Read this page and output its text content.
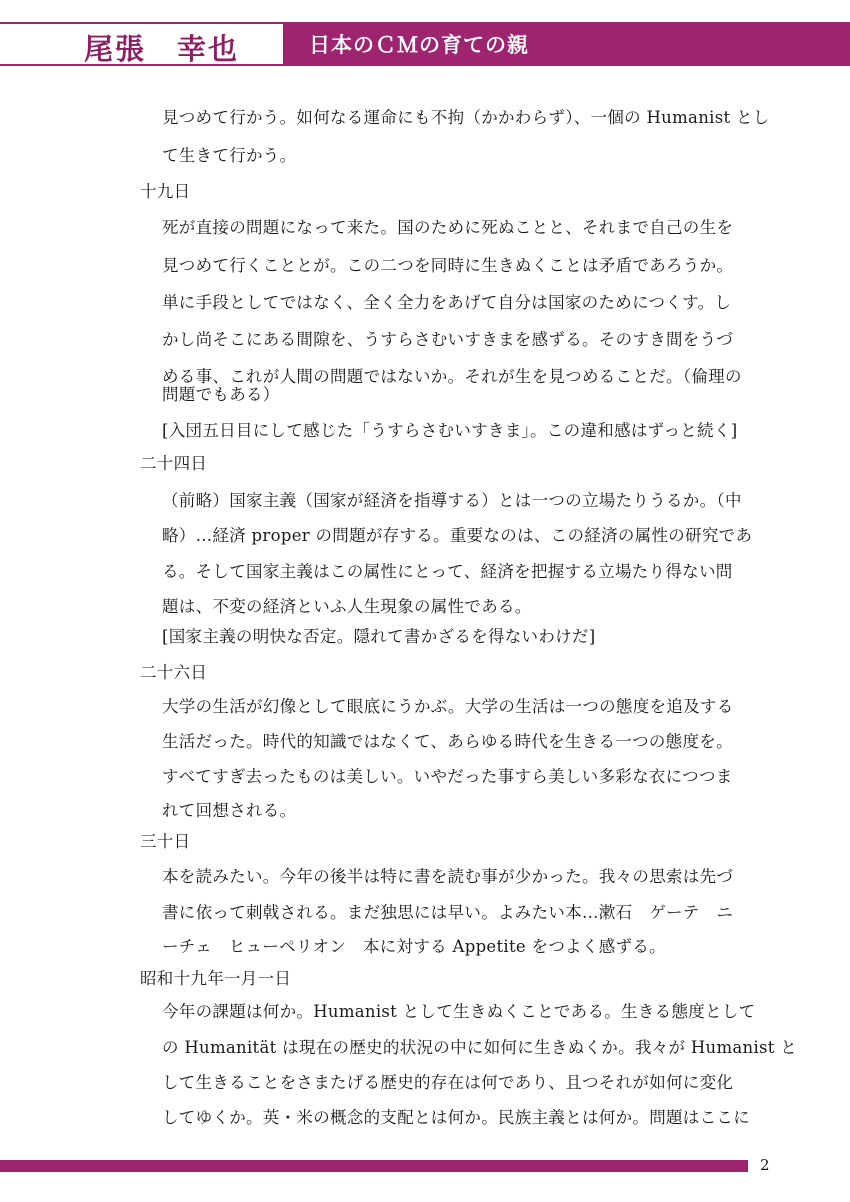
尾張　幸也	日本のＣＭの育ての親
見つめて行かう。如何なる運命にも不拘（かかわらず）、一個の Humanist とし
て生きて行かう。
十九日
死が直接の問題になって来た。国のために死ぬことと、それまで自己の生を
見つめて行くこととが。この二つを同時に生きぬくことは矛盾であろうか。
単に手段としてではなく、全く全力をあげて自分は国家のためにつくす。し
かし尚そこにある間隙を、うすらさむいすきまを感ずる。そのすき間をうづ
める事、これが人間の問題ではないか。それが生を見つめることだ。（倫理の
問題でもある）
[入団五日目にして感じた「うすらさむいすきま」。この違和感はずっと続く]
二十四日
（前略）国家主義（国家が経済を指導する）とは一つの立場たりうるか。（中
略）…経済 proper の問題が存する。重要なのは、この経済の属性の研究であ
る。そして国家主義はこの属性にとって、経済を把握する立場たり得ない問
題は、不変の経済といふ人生現象の属性である。
[国家主義の明快な否定。隠れて書かざるを得ないわけだ]
二十六日
大学の生活が幻像として眼底にうかぶ。大学の生活は一つの態度を追及する
生活だった。時代的知識ではなくて、あらゆる時代を生きる一つの態度を。
すべてすぎ去ったものは美しい。いやだった事すら美しい多彩な衣につつま
れて回想される。
三十日
本を読みたい。今年の後半は特に書を読む事が少かった。我々の思索は先づ
書に依って刺戟される。まだ独思には早い。よみたい本…漱石　ゲーテ　ニ
ーチェ　ヒューペリオン　本に対する Appetite をつよく感ずる。
昭和十九年一月一日
今年の課題は何か。Humanist として生きぬくことである。生きる態度として
の Humanität は現在の歴史的状況の中に如何に生きぬくか。我々が Humanist と
して生きることをさまたげる歴史的存在は何であり、且つそれが如何に変化
してゆくか。英・米の概念的支配とは何か。民族主義とは何か。問題はここに
2
